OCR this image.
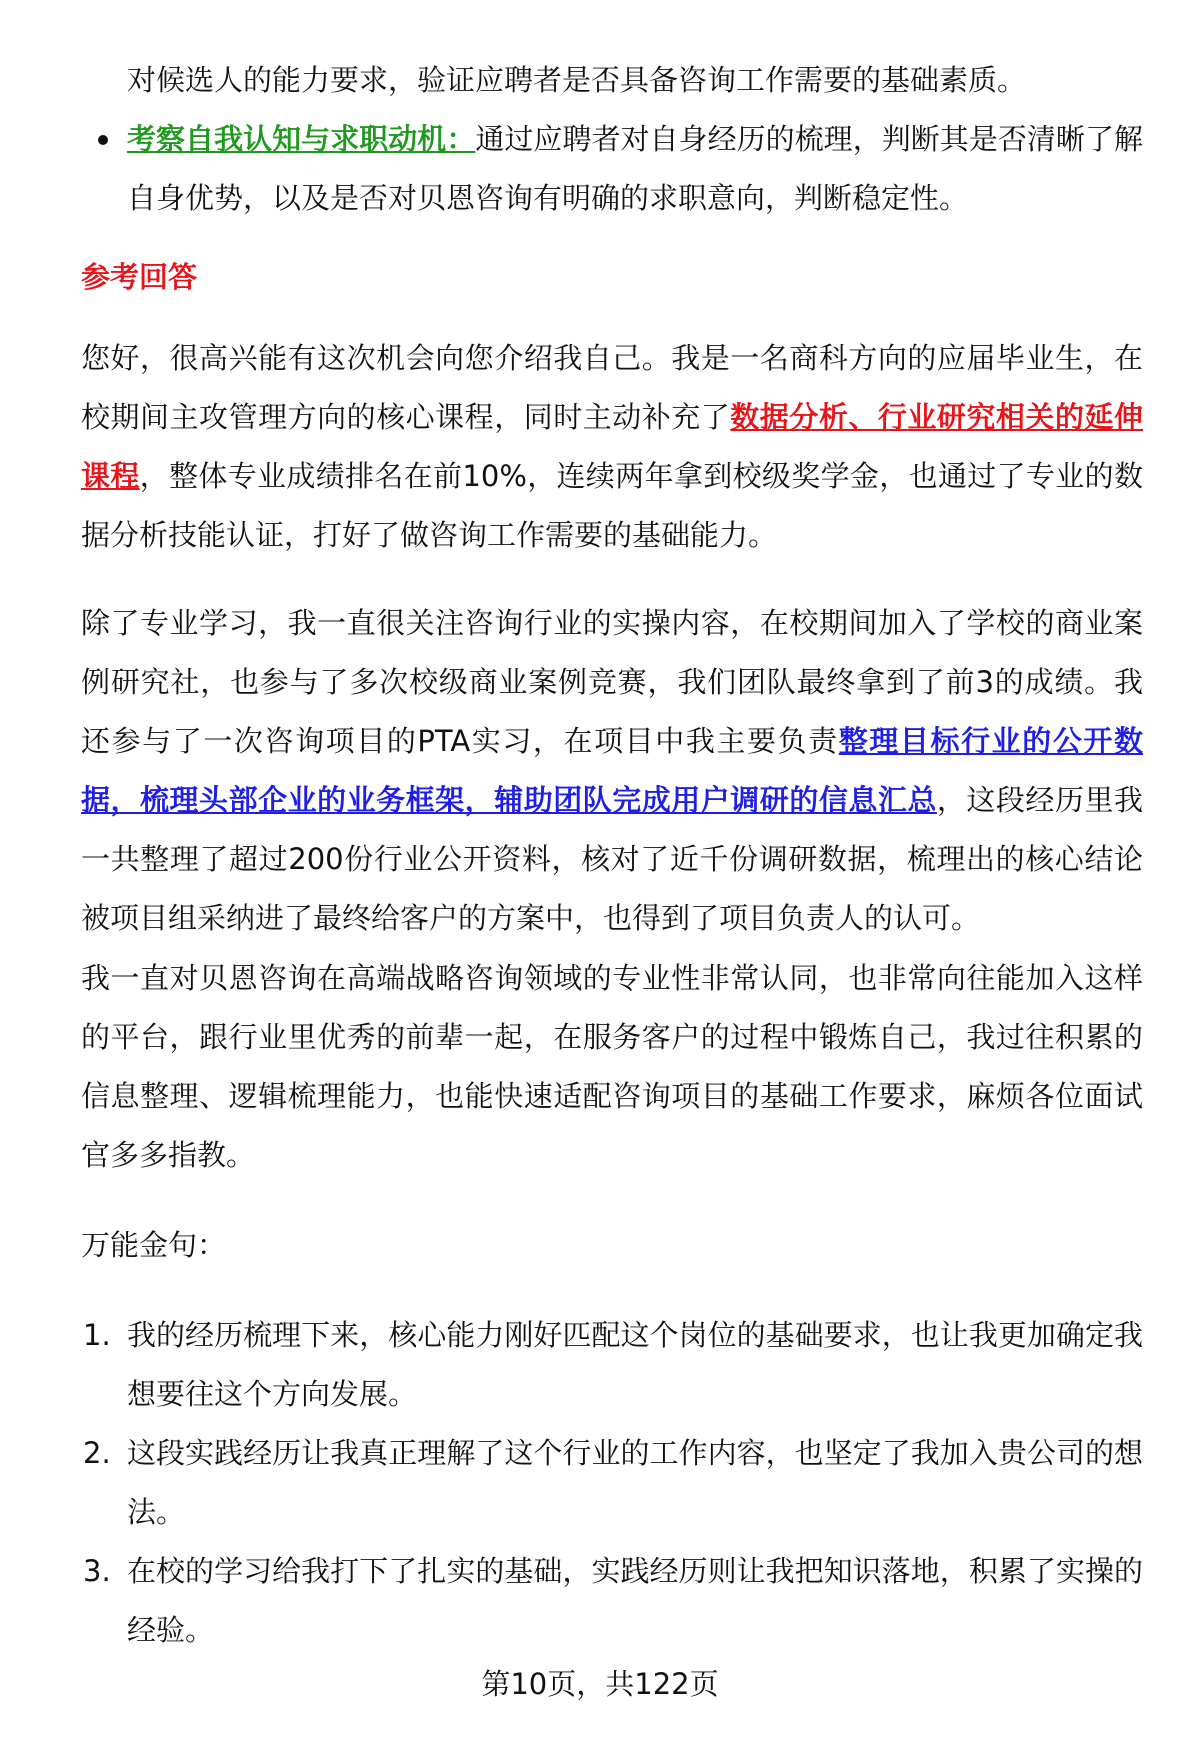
对候选人的能力要求，验证应聘者是否具备咨询工作需要的基础素质。
考察自我认知与求职动机：通过应聘者对自身经历的梳理，判断其是否清晰了解自身优势，以及是否对贝恩咨询有明确的求职意向，判断稳定性。
参考回答
您好，很高兴能有这次机会向您介绍我自己。我是一名商科方向的应届毕业生，在校期间主攻管理方向的核心课程，同时主动补充了数据分析、行业研究相关的延伸课程，整体专业成绩排名在前10%，连续两年拿到校级奖学金，也通过了专业的数据分析技能认证，打好了做咨询工作需要的基础能力。
除了专业学习，我一直很关注咨询行业的实操内容，在校期间加入了学校的商业案例研究社，也参与了多次校级商业案例竞赛，我们团队最终拿到了前3的成绩。我还参与了一次咨询项目的PTA实习，在项目中我主要负责整理目标行业的公开数据，梳理头部企业的业务框架，辅助团队完成用户调研的信息汇总，这段经历里我一共整理了超过200份行业公开资料，核对了近千份调研数据，梳理出的核心结论被项目组采纳进了最终给客户的方案中，也得到了项目负责人的认可。
我一直对贝恩咨询在高端战略咨询领域的专业性非常认同，也非常向往能加入这样的平台，跟行业里优秀的前辈一起，在服务客户的过程中锻炼自己，我过往积累的信息整理、逻辑梳理能力，也能快速适配咨询项目的基础工作要求，麻烦各位面试官多多指教。
万能金句：
1. 我的经历梳理下来，核心能力刚好匹配这个岗位的基础要求，也让我更加确定我想要往这个方向发展。
2. 这段实践经历让我真正理解了这个行业的工作内容，也坚定了我加入贵公司的想法。
3. 在校的学习给我打下了扎实的基础，实践经历则让我把知识落地，积累了实操的经验。
第10页，共122页
